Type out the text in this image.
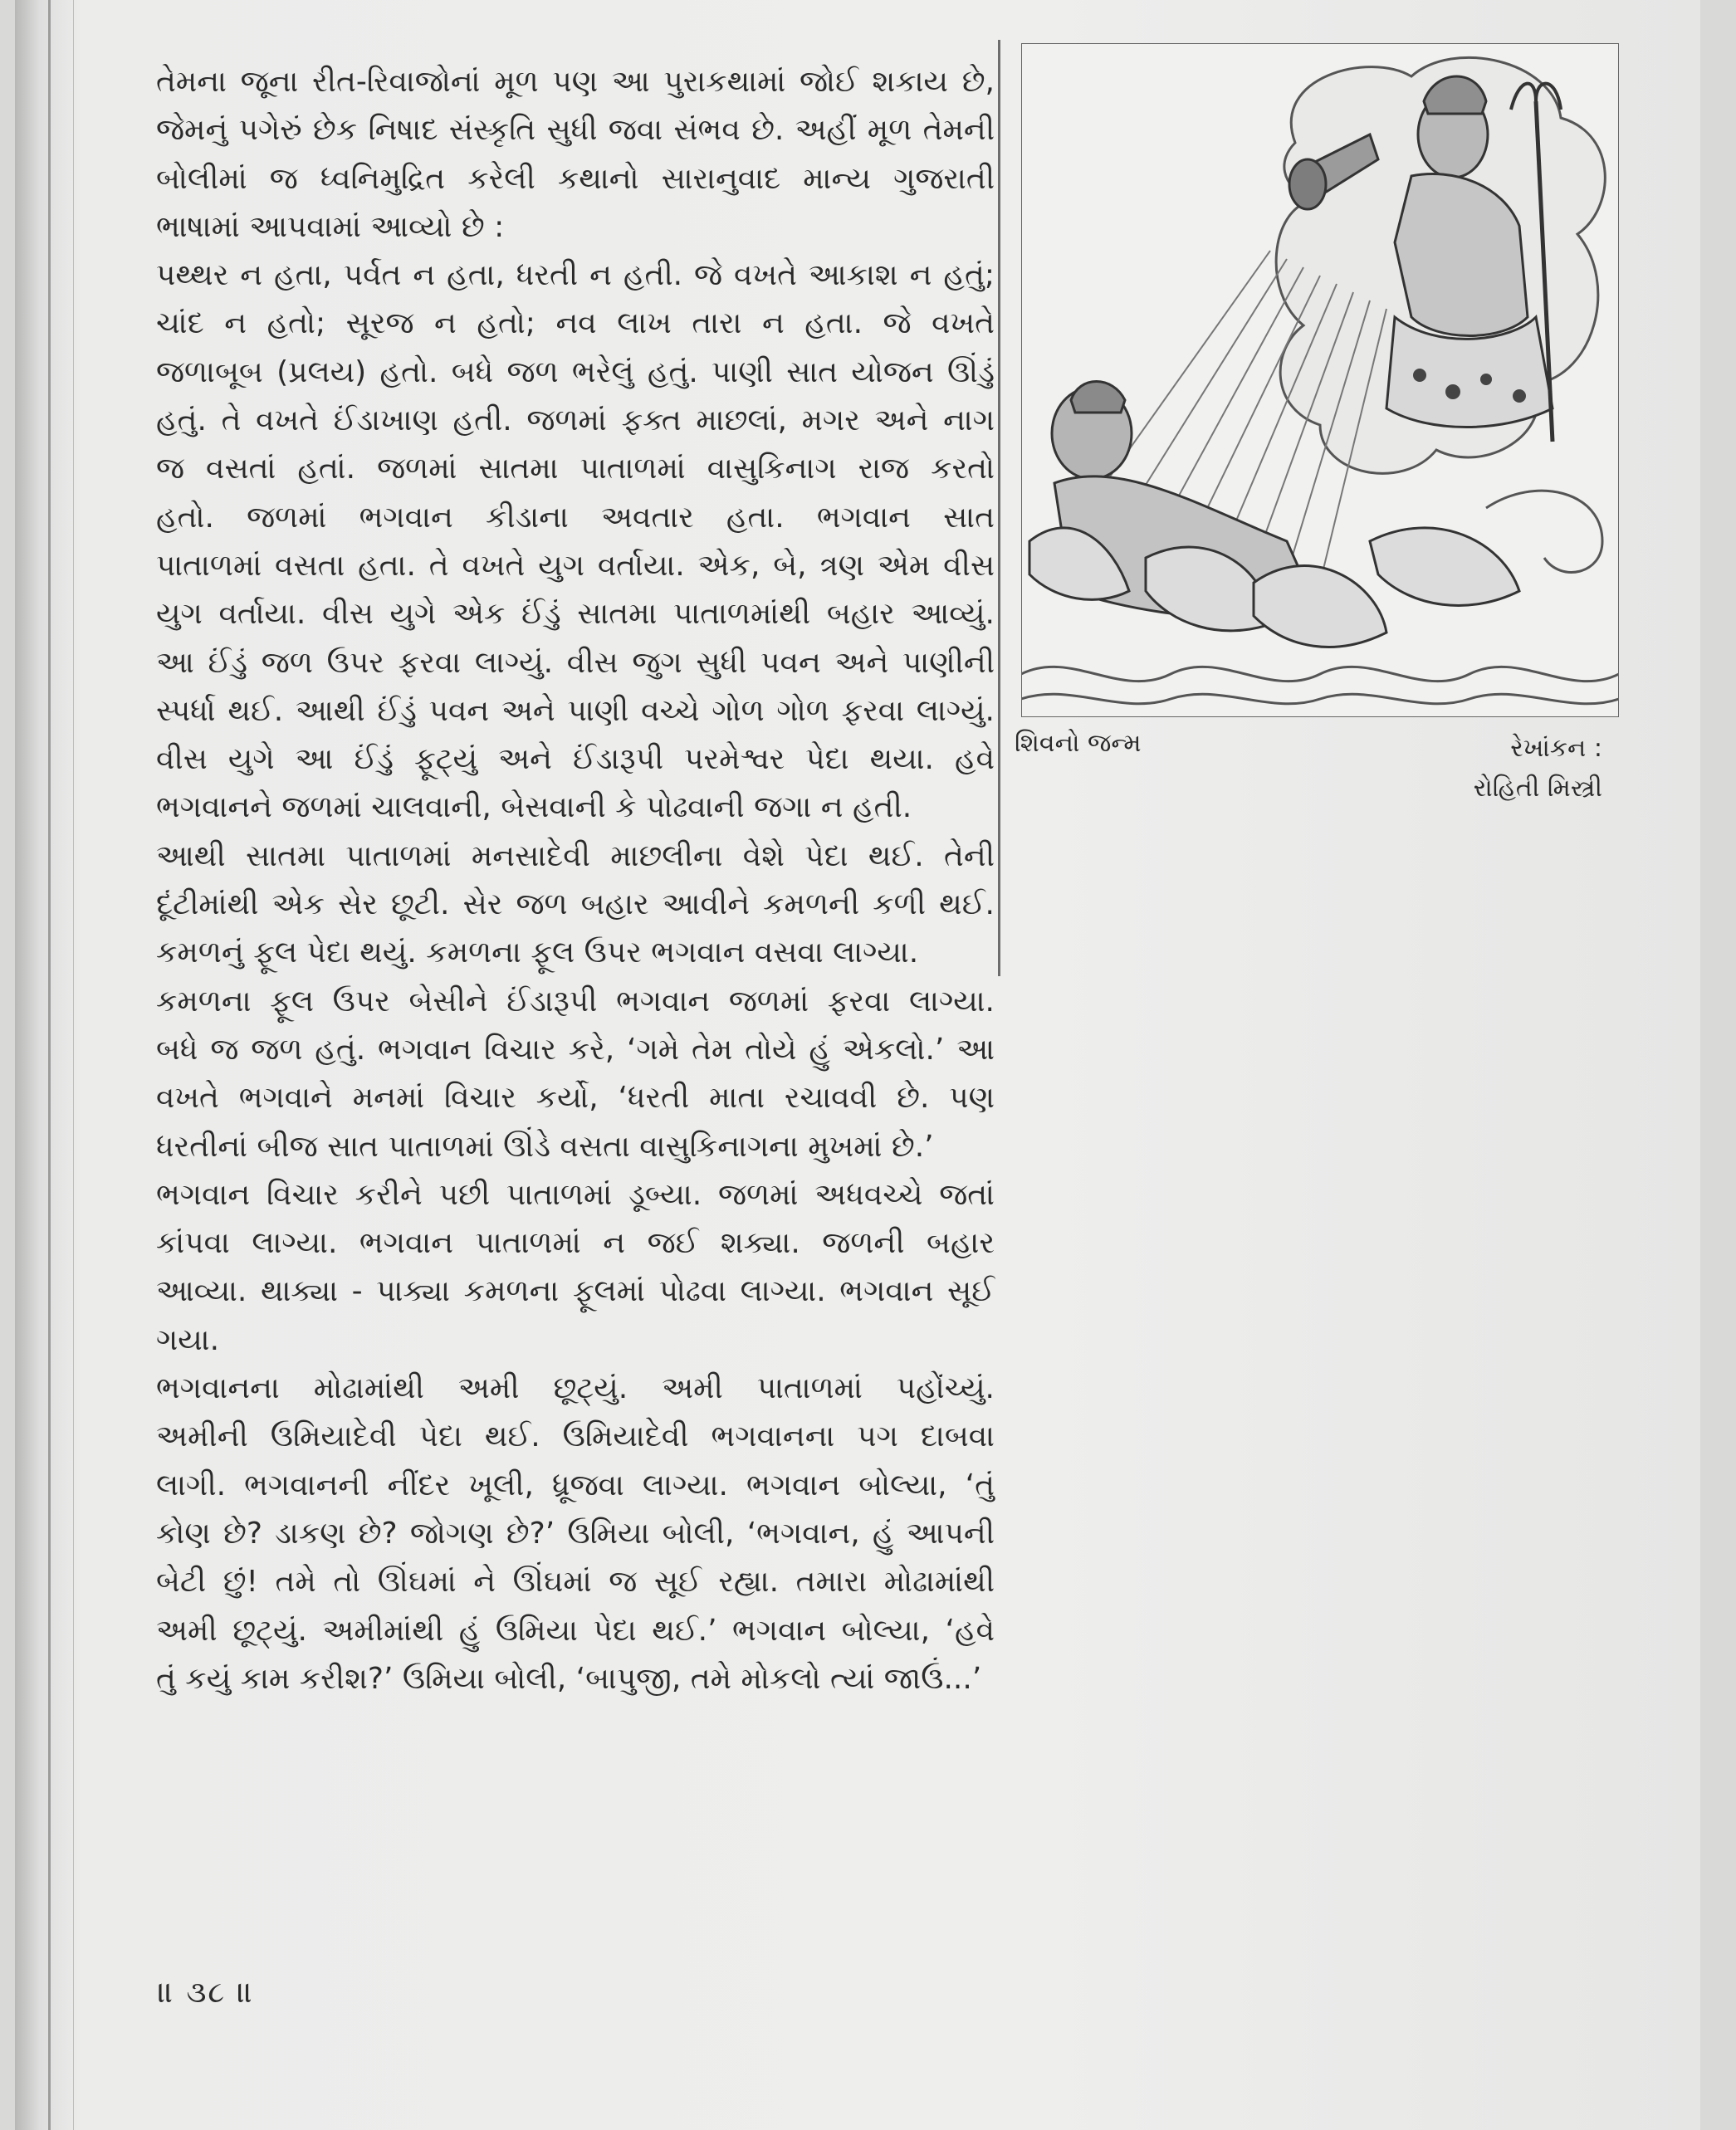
તેમના જૂના રીત-રિવાજોનાં મૂળ પણ આ પુરાકથામાં જોઈ શકાય છે,
જેમનું પગેરું છેક નિષાદ સંસ્કૃતિ સુધી જવા સંભવ છે. અહીં મૂળ તેમની
બોલીમાં જ ધ્વનિમુદ્રિત કરેલી કથાનો સારાનુવાદ માન્ય ગુજરાતી
ભાષામાં આપવામાં આવ્યો છે :
પથ્થર ન હતા, પર્વત ન હતા, ધરતી ન હતી. જે વખતે આકાશ ન હતું;
ચાંદ ન હતો; સૂરજ ન હતો; નવ લાખ તારા ન હતા. જે વખતે
જળાબૂબ (પ્રલય) હતો. બધે જળ ભરેલું હતું. પાણી સાત યોજન ઊંડું
હતું. તે વખતે ઈંડાખાણ હતી. જળમાં ફક્ત માછલાં, મગર અને નાગ
જ વસતાં હતાં. જળમાં સાતમા પાતાળમાં વાસુકિનાગ રાજ કરતો
હતો. જળમાં ભગવાન કીડાના અવતાર હતા. ભગવાન સાત
પાતાળમાં વસતા હતા. તે વખતે યુગ વર્તાયા. એક, બે, ત્રણ એમ વીસ
યુગ વર્તાયા. વીસ યુગે એક ઈંડું સાતમા પાતાળમાંથી બહાર આવ્યું.
આ ઈંડું જળ ઉપર ફરવા લાગ્યું. વીસ જુગ સુધી પવન અને પાણીની
સ્પર્ધા થઈ. આથી ઈંડું પવન અને પાણી વચ્ચે ગોળ ગોળ ફરવા લાગ્યું.
વીસ યુગે આ ઈંડું ફૂટ્યું અને ઈંડારૂપી પરમેશ્વર પેદા થયા. હવે
ભગવાનને જળમાં ચાલવાની, બેસવાની કે પોઢવાની જગા ન હતી.
આથી સાતમા પાતાળમાં મનસાદેવી માછલીના વેશે પેદા થઈ. તેની
દૂંટીમાંથી એક સેર છૂટી. સેર જળ બહાર આવીને કમળની કળી થઈ.
કમળનું ફૂલ પેદા થયું. કમળના ફૂલ ઉપર ભગવાન વસવા લાગ્યા.
કમળના ફૂલ ઉપર બેસીને ઈંડારૂપી ભગવાન જળમાં ફરવા લાગ્યા.
બધે જ જળ હતું. ભગવાન વિચાર કરે, ‘ગમે તેમ તોયે હું એકલો.’ આ
વખતે ભગવાને મનમાં વિચાર કર્યો, ‘ધરતી માતા રચાવવી છે. પણ
ધરતીનાં બીજ સાત પાતાળમાં ઊંડે વસતા વાસુકિનાગના મુખમાં છે.’
ભગવાન વિચાર કરીને પછી પાતાળમાં ડૂબ્યા. જળમાં અધવચ્ચે જતાં
કાંપવા લાગ્યા. ભગવાન પાતાળમાં ન જઈ શક્યા. જળની બહાર
આવ્યા. થાક્યા - પાક્યા કમળના ફૂલમાં પોઢવા લાગ્યા. ભગવાન સૂઈ
ગયા.
ભગવાનના મોઢામાંથી અમી છૂટ્યું. અમી પાતાળમાં પહોંચ્યું.
અમીની ઉમિયાદેવી પેદા થઈ. ઉમિયાદેવી ભગવાનના પગ દાબવા
લાગી. ભગવાનની નીંદર ખૂલી, ધ્રૂજવા લાગ્યા. ભગવાન બોલ્યા, ‘તું
કોણ છે? ડાકણ છે? જોગણ છે?’ ઉમિયા બોલી, ‘ભગવાન, હું આપની
બેટી છું! તમે તો ઊંઘમાં ને ઊંઘમાં જ સૂઈ રહ્યા. તમારા મોઢામાંથી
અમી છૂટ્યું. અમીમાંથી હું ઉમિયા પેદા થઈ.’ ભગવાન બોલ્યા, ‘હવે
તું કયું કામ કરીશ?’ ઉમિયા બોલી, ‘બાપુજી, તમે મોકલો ત્યાં જાઉં...’
શિવનો જન્મ	રેખાંકન :
રોહિતી મિસ્ત્રી
॥ ૩૮ ॥
